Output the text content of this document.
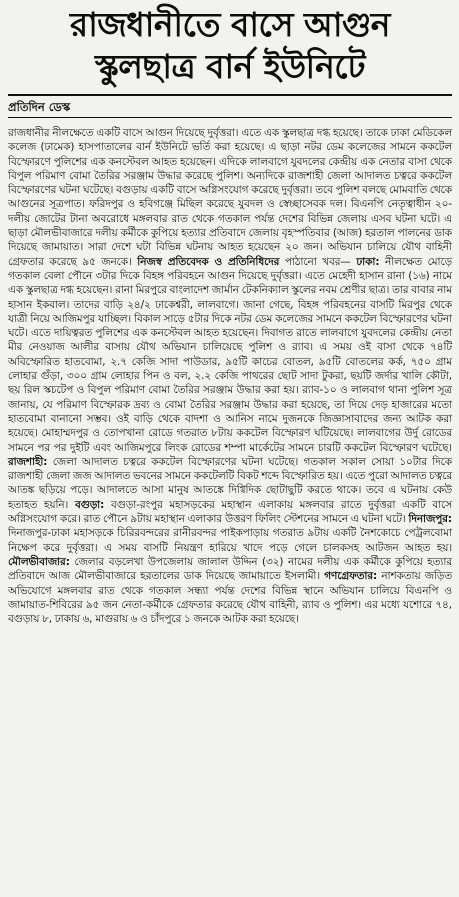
রাজধানীতে বাসে আগুন
স্কুলছাত্র বার্ন ইউনিটে
প্রতিদিন ডেস্ক

রাজধানীর নীলক্ষেতে একটি বাসে আগুন দিয়েছে দুর্বৃত্তরা। এতে এক স্কুলছাত্র দগ্ধ হয়েছে। তাকে ঢাকা মেডিকেল কলেজ (ঢামেক) হাসপাতালের বার্ন ইউনিটে ভর্তি করা হয়েছে। এ ছাড়া নটর ডেম কলেজের সামনে ককটেল বিস্ফোরণে পুলিশের এক কনস্টেবল আহত হয়েছেন। এদিকে লালবাগে যুবদলের কেন্দ্রীয় এক নেতার বাসা থেকে বিপুল পরিমাণ বোমা তৈরির সরঞ্জাম উদ্ধার করেছে পুলিশ। অন্যদিকে রাজশাহী জেলা আদালত চত্বরে ককটেল বিস্ফোরণের ঘটনা ঘটেছে। বগুড়ায় একটি বাসে অগ্নিসংযোগ করেছে দুর্বৃত্তরা। তবে পুলিশ বলছে মোমবাতি থেকে আগুনের সূত্রপাত। ফরিদপুর ও হবিগঞ্জে মিছিল করেছে যুবদল ও স্বেচ্ছাসেবক দল। বিএনপি নেতৃত্বাধীন ২০-দলীয় জোটের টানা অবরোধে মঙ্গলবার রাত থেকে গতকাল পর্যন্ত দেশের বিভিন্ন জেলায় এসব ঘটনা ঘটে। এ ছাড়া মৌলভীবাজারে দলীয় কর্মীকে কুপিয়ে হত্যার প্রতিবাদে জেলায় বৃহস্পতিবার (আজ) হরতাল পালনের ডাক দিয়েছে জামায়াত। সারা দেশে ঘটা বিভিন্ন ঘটনায় আহত হয়েছেন ২০ জন। অভিযান চালিয়ে যৌথ বাহিনী গ্রেফতার করেছে ৯৫ জনকে। নিজস্ব প্রতিবেদক ও প্রতিনিধিদের পাঠানো খবর— ঢাকা: নীলক্ষেত মোড়ে গতকাল বেলা পৌনে ৩টার দিকে বিহঙ্গ পরিবহনে আগুন দিয়েছে দুর্বৃত্তরা। এতে মেহেদী হাসান রানা (১৬) নামে এক স্কুলছাত্র দগ্ধ হয়েছেন। রানা মিরপুরে বাংলাদেশ জার্মান টেকনিক্যাল স্কুলের নবম শ্রেণীর ছাত্র। তার বাবার নাম হাসান ইকবাল। তাদের বাড়ি ২৪/২ ঢাকেশ্বরী, লালবাগে। জানা গেছে, বিহঙ্গ পরিবহনের বাসটি মিরপুর থেকে যাত্রী নিয়ে আজিমপুর যাচ্ছিল। বিকাল সাড়ে ৫টার দিকে নটর ডেম কলেজের সামনে ককটেল বিস্ফোরণের ঘটনা ঘটে। এতে দায়িত্বরত পুলিশের এক কনস্টেবল আহত হয়েছেন। দিবাগত রাতে লালবাগে যুবদলের কেন্দ্রীয় নেতা মীর নেওয়াজ আলীর বাসায় যৌথ অভিযান চালিয়েছে পুলিশ ও র‌্যাব। এ সময় ওই বাসা থেকে ৭৪টি অবিস্ফোরিত হাতবোমা, ২.৭ কেজি সাদা পাউডার, ৯৫টি কাচের বোতল, ৯৫টি বোতলের কর্ক, ৭৫০ গ্রাম লোহার গুঁড়া, ৩০০ গ্রাম লোহার পিন ও বল, ২.২ কেজি পাথরের ছোট সাদা টুকরা, ছয়টি জর্দার খালি কৌটা, ছয় রিল স্কচটেপ ও বিপুল পরিমাণ বোমা তৈরির সরঞ্জাম উদ্ধার করা হয়। র‌্যাব-১০ ও লালবাগ থানা পুলিশ সূত্র জানায়, যে পরিমাণ বিস্ফোরক দ্রব্য ও বোমা তৈরির সরঞ্জাম উদ্ধার করা হয়েছে, তা দিয়ে দেড় হাজারের মতো হাতবোমা বানানো সম্ভব। ওই বাড়ি থেকে বাদশা ও আনিস নামে দুজনকে জিজ্ঞাসাবাদের জন্য আটক করা হয়েছে। মোহাম্মদপুর ও তোপখানা রোডে গতরাত ৮টায় ককটেল বিস্ফোরণ ঘটিয়েছে। লালবাগের উর্দু রোডের সামনে পর পর দুইটি এবং আজিমপুরে লিংক রোডের শম্পা মার্কেটের সামনে চারটি ককটেল বিস্ফোরণ ঘটেছে। রাজশাহী: জেলা আদালত চত্বরে ককটেল বিস্ফোরণের ঘটনা ঘটেছে। গতকাল সকাল সোয়া ১০টার দিকে রাজশাহী জেলা জজ আদালত ভবনের সামনে ককটেলটি বিকট শব্দে বিস্ফোরিত হয়। এতে পুরো আদালত চত্বরে আতঙ্ক ছড়িয়ে পড়ে। আদালতে আসা মানুষ আতঙ্কে দিগ্বিদিক ছোটাছুটি করতে থাকে। তবে এ ঘটনায় কেউ হতাহত হয়নি। বগুড়া: বগুড়া-রংপুর মহাসড়কের মহাস্থান এলাকায় মঙ্গলবার রাতে দুর্বৃত্তরা একটি বাসে অগ্নিসংযোগ করে। রাত পৌনে ৯টায় মহাস্থান এলাকার উত্তরণ ফিলিং স্টেশনের সামনে এ ঘটনা ঘটে। দিনাজপুর: দিনাজপুর-ঢাকা মহাসড়কে চিরিরবন্দরের রানীরবন্দর পাইকপাড়ায় গতরাত ৯টায় একটি নৈশকোচে পেট্রলবোমা নিক্ষেপ করে দুর্বৃত্তরা। এ সময় বাসটি নিয়ন্ত্রণ হারিয়ে খাদে পড়ে গেলে চালকসহ আটজন আহত হয়। মৌলভীবাজার: জেলার বড়লেখা উপজেলায় জালাল উদ্দিন (৩২) নামের দলীয় এক কর্মীকে কুপিয়ে হত্যার প্রতিবাদে আজ মৌলভীবাজারে হরতালের ডাক দিয়েছে জামায়াতে ইসলামী। গণগ্রেফতার: নাশকতায় জড়িত অভিযোগে মঙ্গলবার রাত থেকে গতকাল সন্ধ্যা পর্যন্ত দেশের বিভিন্ন স্থানে অভিযান চালিয়ে বিএনপি ও জামায়াত-শিবিরের ৯৫ জন নেতা-কর্মীকে গ্রেফতার করেছে যৌথ বাহিনী, র‌্যাব ও পুলিশ। এর মধ্যে যশোরে ৭৪, বগুড়ায় ৮, ঢাকায় ৬, মাগুরায় ৬ ও চাঁদপুরে ১ জনকে আটক করা হয়েছে।
